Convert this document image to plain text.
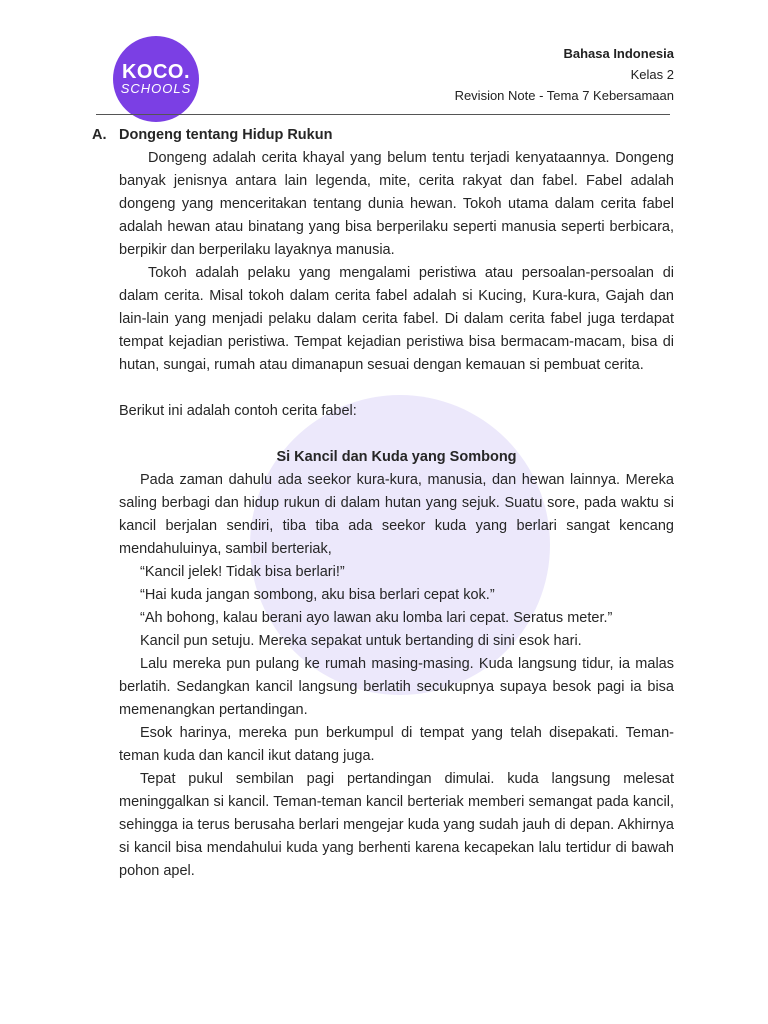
KOCO.
SCHOOLS
Bahasa Indonesia
Kelas 2
Revision Note - Tema 7 Kebersamaan
A. Dongeng tentang Hidup Rukun

Dongeng adalah cerita khayal yang belum tentu terjadi kenyataannya. Dongeng banyak jenisnya antara lain legenda, mite, cerita rakyat dan fabel. Fabel adalah dongeng yang menceritakan tentang dunia hewan. Tokoh utama dalam cerita fabel adalah hewan atau binatang yang bisa berperilaku seperti manusia seperti berbicara, berpikir dan berperilaku layaknya manusia.

Tokoh adalah pelaku yang mengalami peristiwa atau persoalan-persoalan di dalam cerita. Misal tokoh dalam cerita fabel adalah si Kucing, Kura-kura, Gajah dan lain-lain yang menjadi pelaku dalam cerita fabel. Di dalam cerita fabel juga terdapat tempat kejadian peristiwa. Tempat kejadian peristiwa bisa bermacam-macam, bisa di hutan, sungai, rumah atau dimanapun sesuai dengan kemauan si pembuat cerita.

Berikut ini adalah contoh cerita fabel:

Si Kancil dan Kuda yang Sombong

Pada zaman dahulu ada seekor kura-kura, manusia, dan hewan lainnya. Mereka saling berbagi dan hidup rukun di dalam hutan yang sejuk. Suatu sore, pada waktu si kancil berjalan sendiri, tiba tiba ada seekor kuda yang berlari sangat kencang mendahuluinya, sambil berteriak,

“Kancil jelek! Tidak bisa berlari!”

“Hai kuda jangan sombong, aku bisa berlari cepat kok.”

“Ah bohong, kalau berani ayo lawan aku lomba lari cepat. Seratus meter.”

Kancil pun setuju. Mereka sepakat untuk bertanding di sini esok hari.

Lalu mereka pun pulang ke rumah masing-masing. Kuda langsung tidur, ia malas berlatih. Sedangkan kancil langsung berlatih secukupnya supaya besok pagi ia bisa memenangkan pertandingan.

Esok harinya, mereka pun berkumpul di tempat yang telah disepakati. Teman-teman kuda dan kancil ikut datang juga.

Tepat pukul sembilan pagi pertandingan dimulai. kuda langsung melesat meninggalkan si kancil. Teman-teman kancil berteriak memberi semangat pada kancil, sehingga ia terus berusaha berlari mengejar kuda yang sudah jauh di depan. Akhirnya si kancil bisa mendahului kuda yang berhenti karena kecapekan lalu tertidur di bawah pohon apel.
